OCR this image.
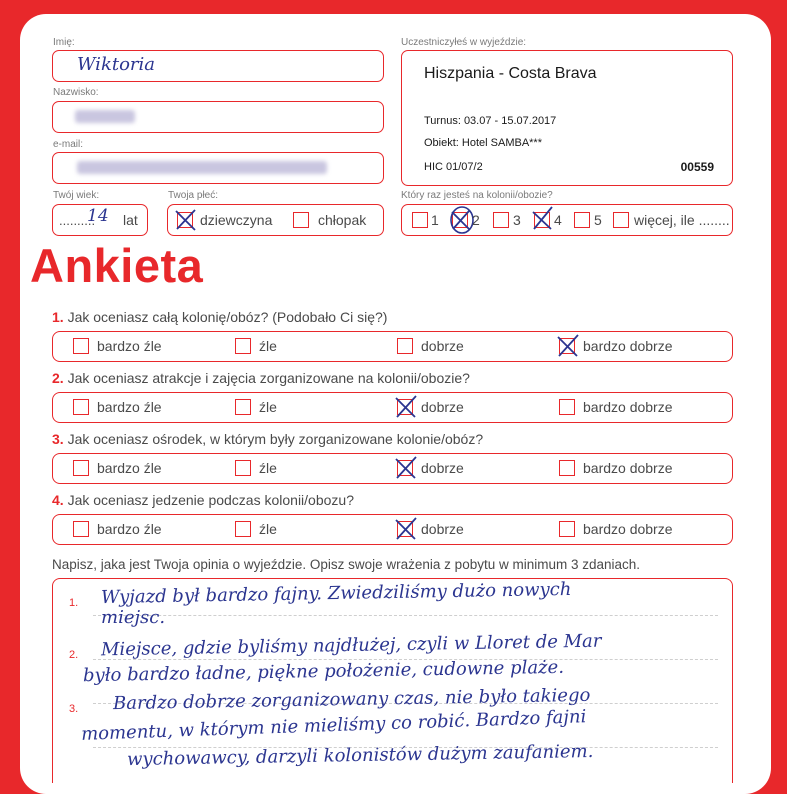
Imię:
Wiktoria
Nazwisko:
e-mail:
Twój wiek:
..........
14 lat
Twoja płeć:
dziewczyna	chłopak
Uczestniczyłeś w wyjeździe:
Hiszpania - Costa Brava
Turnus: 03.07 - 15.07.2017
Obiekt: Hotel SAMBA***
HIC 01/07/2	00559
Który raz jesteś na kolonii/obozie?
1 2 3 4 5 więcej, ile ........
Ankieta
1. Jak oceniasz całą kolonię/obóz? (Podobało Ci się?)
bardzo źle	źle	dobrze	bardzo dobrze
2. Jak oceniasz atrakcje i zajęcia zorganizowane na kolonii/obozie?
bardzo źle	źle	dobrze	bardzo dobrze
3. Jak oceniasz ośrodek, w którym były zorganizowane kolonie/obóz?
bardzo źle	źle	dobrze	bardzo dobrze
4. Jak oceniasz jedzenie podczas kolonii/obozu?
bardzo źle	źle	dobrze	bardzo dobrze
Napisz, jaka jest Twoja opinia o wyjeździe. Opisz swoje wrażenia z pobytu w minimum 3 zdaniach.
1.
2.
3.
Wyjazd był bardzo fajny. Zwiedziliśmy dużo nowych
miejsc.
Miejsce, gdzie byliśmy najdłużej, czyli w Lloret de Mar
było bardzo ładne, piękne położenie, cudowne plaże.
Bardzo dobrze zorganizowany czas, nie było takiego
momentu, w którym nie mieliśmy co robić. Bardzo fajni
wychowawcy, darzyli kolonistów dużym zaufaniem.
